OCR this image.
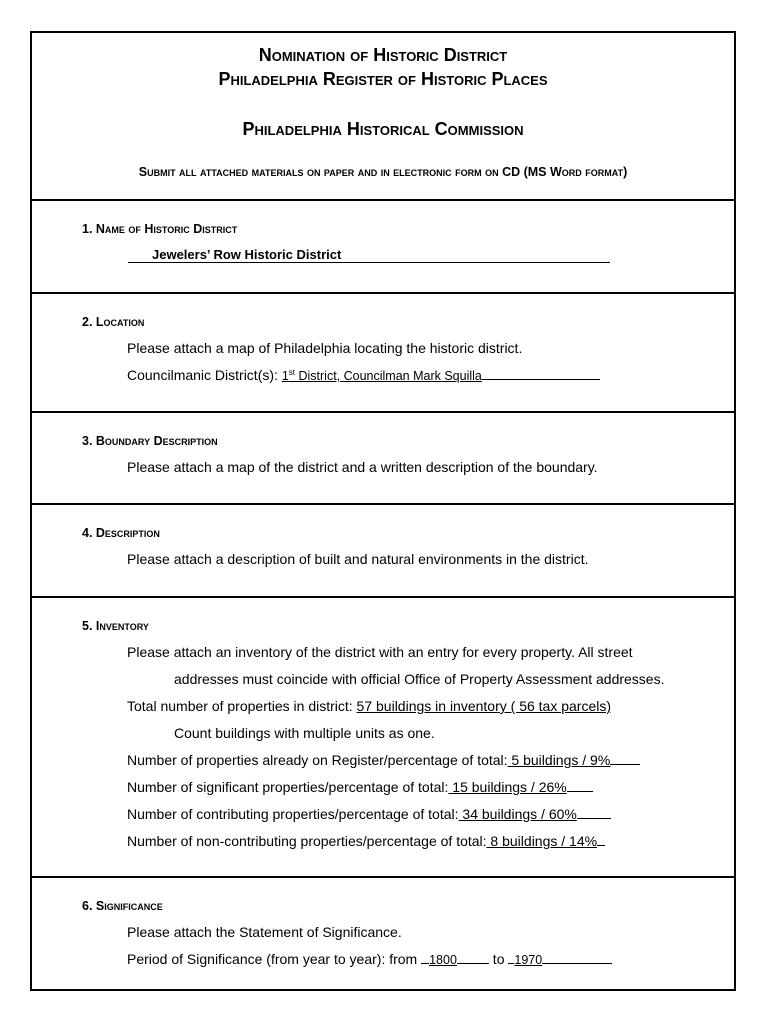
Nomination of Historic District
Philadelphia Register of Historic Places
Philadelphia Historical Commission
Submit all attached materials on paper and in electronic form on CD (MS Word format)
1. Name of Historic District
Jewelers’ Row Historic District
2. Location
Please attach a map of Philadelphia locating the historic district.
Councilmanic District(s): 1st District, Councilman Mark Squilla
3. Boundary Description
Please attach a map of the district and a written description of the boundary.
4. Description
Please attach a description of built and natural environments in the district.
5. Inventory
Please attach an inventory of the district with an entry for every property. All street
addresses must coincide with official Office of Property Assessment addresses.
Total number of properties in district: 57 buildings in inventory ( 56 tax parcels)
Count buildings with multiple units as one.
Number of properties already on Register/percentage of total: 5 buildings / 9%
Number of significant properties/percentage of total: 15 buildings / 26%
Number of contributing properties/percentage of total: 34 buildings / 60%
Number of non-contributing properties/percentage of total: 8 buildings / 14%
6. Significance
Please attach the Statement of Significance.
Period of Significance (from year to year): from 1800 to 1970
